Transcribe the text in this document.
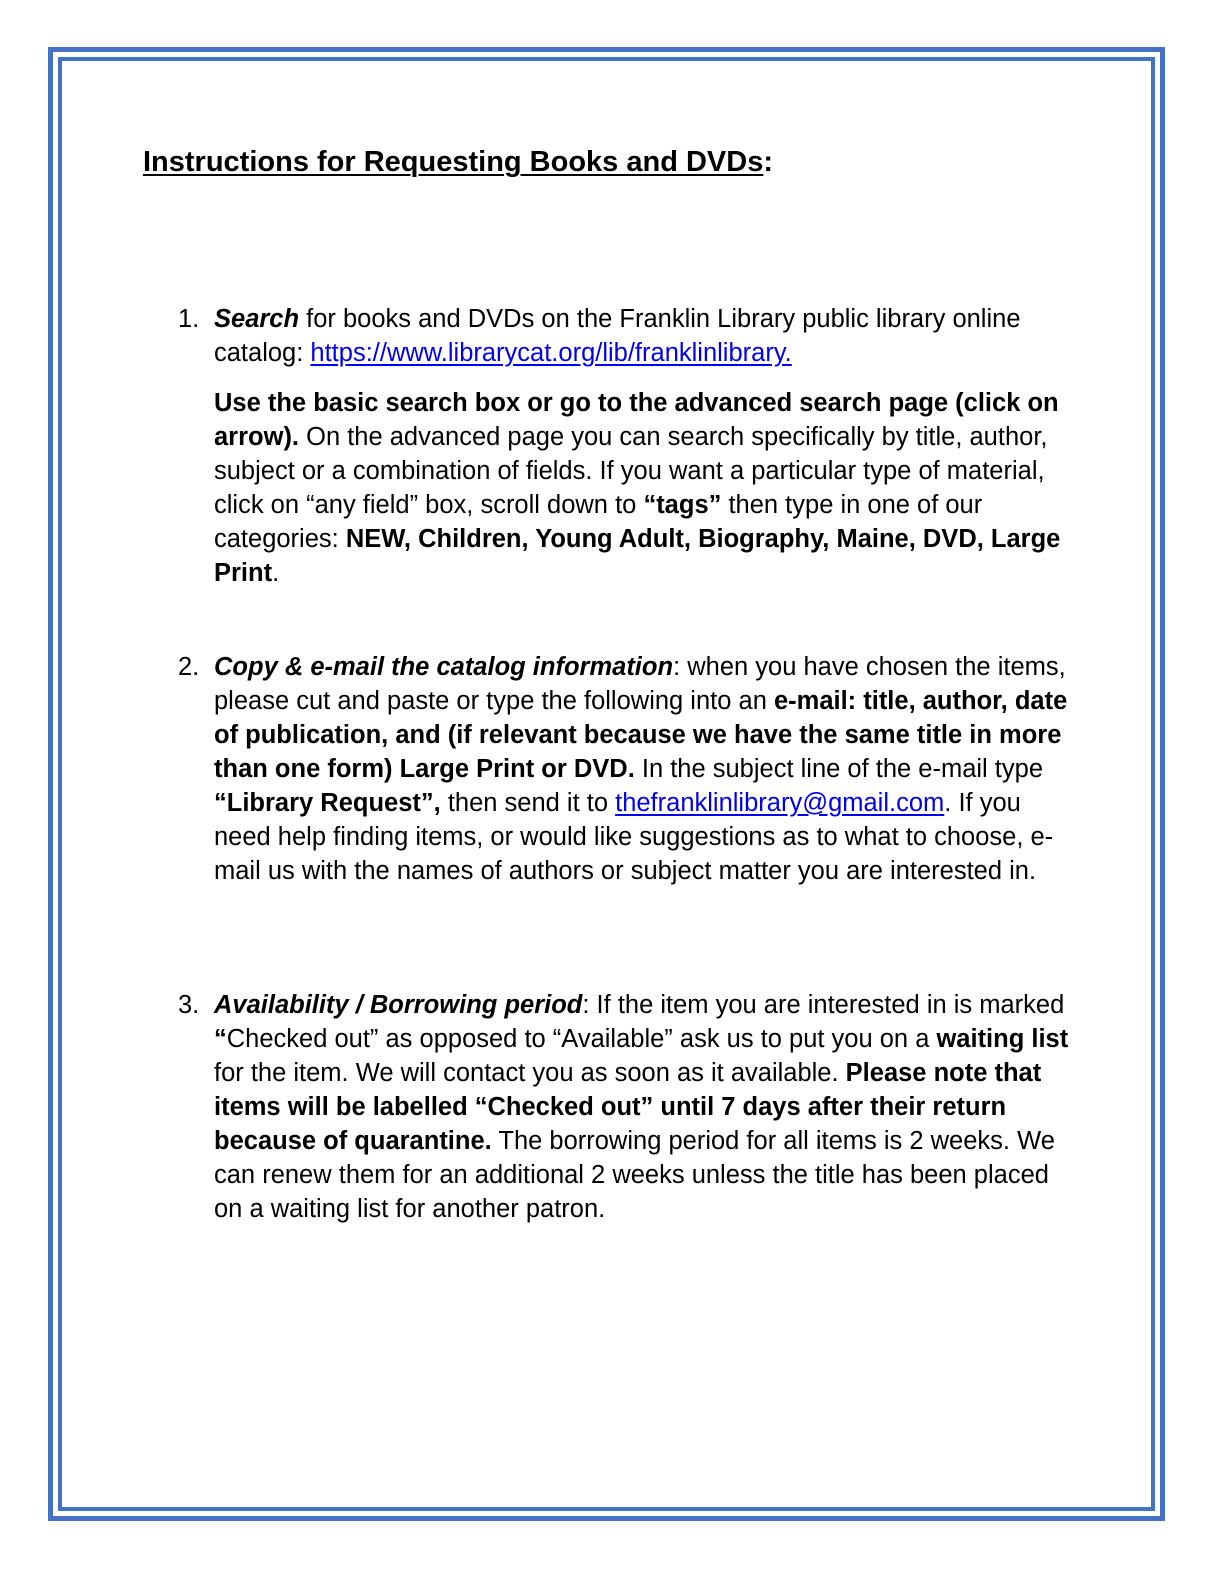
Instructions for Requesting Books and DVDs:
1. Search for books and DVDs on the Franklin Library public library online catalog: https://www.librarycat.org/lib/franklinlibrary.

Use the basic search box or go to the advanced search page (click on arrow). On the advanced page you can search specifically by title, author, subject or a combination of fields. If you want a particular type of material, click on “any field” box, scroll down to “tags” then type in one of our categories: NEW, Children, Young Adult, Biography, Maine, DVD, Large Print.

2. Copy & e-mail the catalog information: when you have chosen the items, please cut and paste or type the following into an e-mail: title, author, date of publication, and (if relevant because we have the same title in more than one form) Large Print or DVD. In the subject line of the e-mail type “Library Request”, then send it to thefranklinlibrary@gmail.com. If you need help finding items, or would like suggestions as to what to choose, e-mail us with the names of authors or subject matter you are interested in.

3. Availability / Borrowing period: If the item you are interested in is marked “Checked out” as opposed to “Available” ask us to put you on a waiting list for the item. We will contact you as soon as it available. Please note that items will be labelled “Checked out” until 7 days after their return because of quarantine. The borrowing period for all items is 2 weeks. We can renew them for an additional 2 weeks unless the title has been placed on a waiting list for another patron.
